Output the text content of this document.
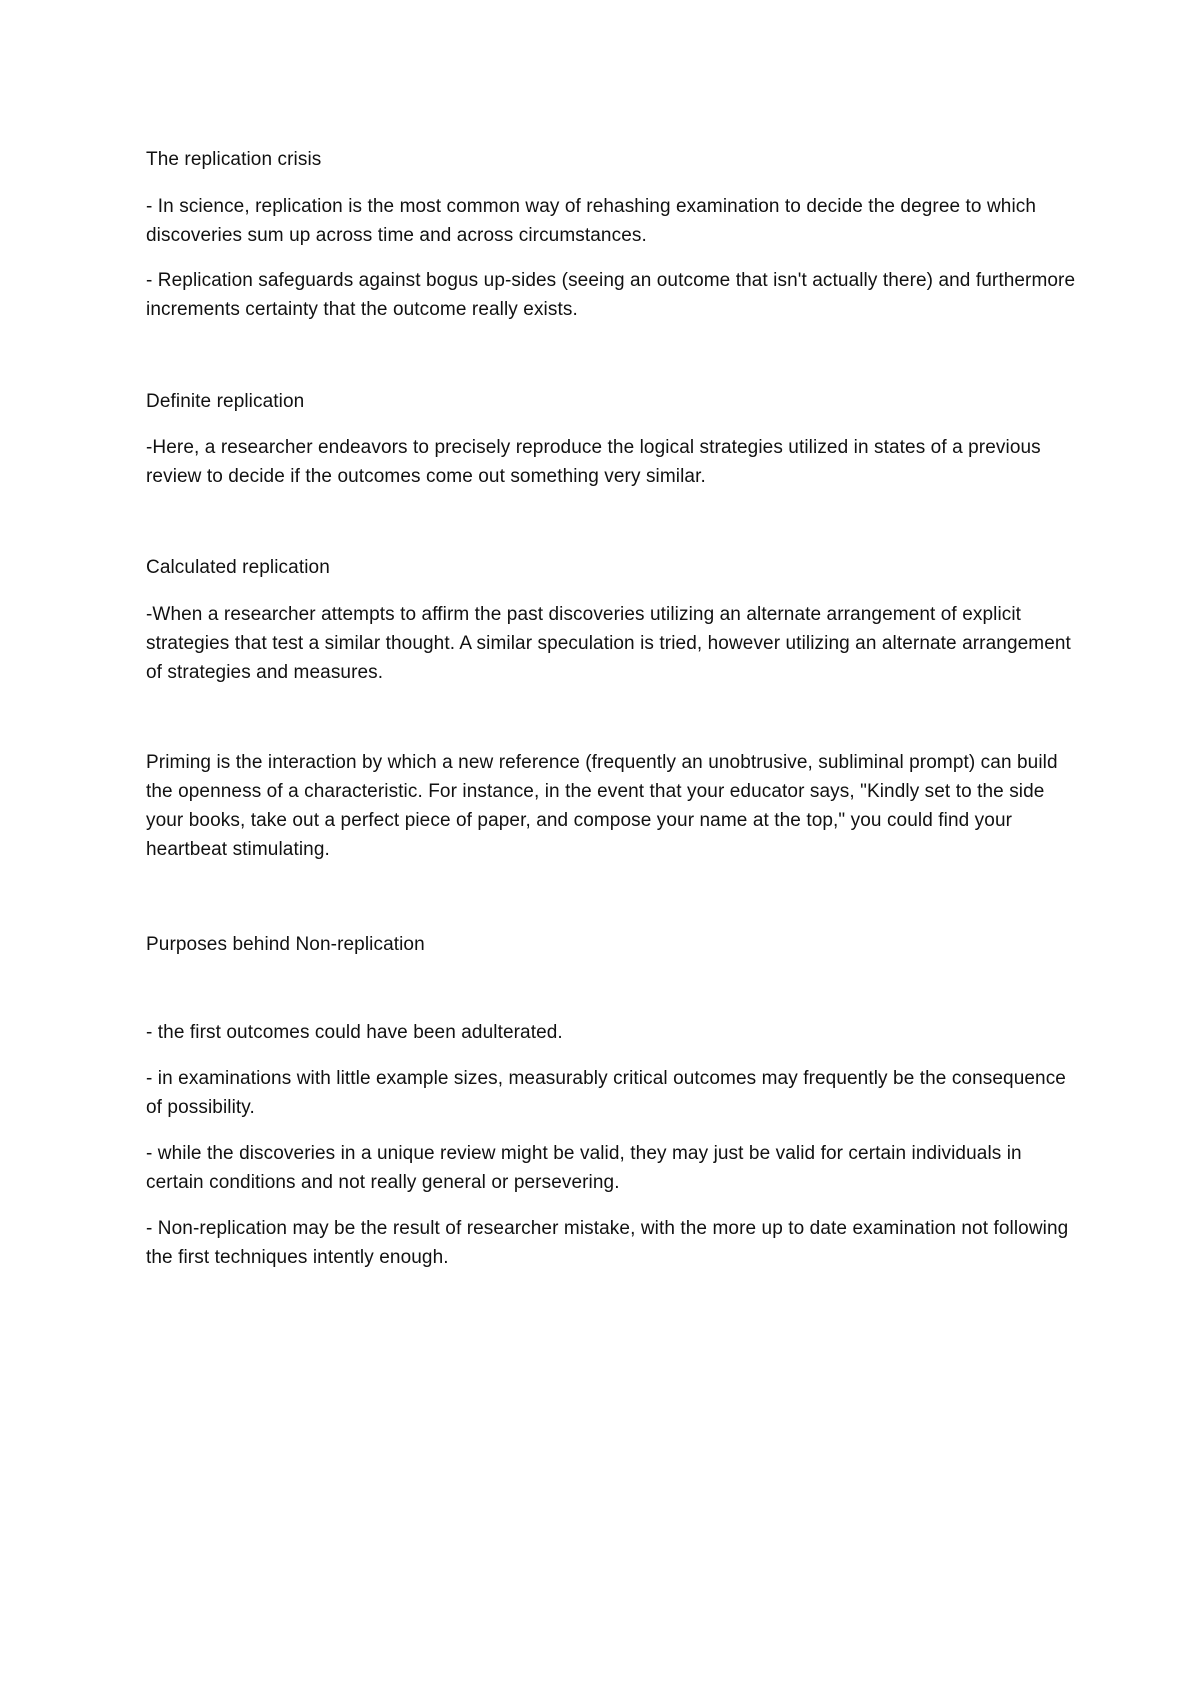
The replication crisis

- In science, replication is the most common way of rehashing examination to decide the degree to which discoveries sum up across time and across circumstances.

- Replication safeguards against bogus up-sides (seeing an outcome that isn't actually there) and furthermore increments certainty that the outcome really exists.

Definite replication

-Here, a researcher endeavors to precisely reproduce the logical strategies utilized in states of a previous review to decide if the outcomes come out something very similar.

Calculated replication

-When a researcher attempts to affirm the past discoveries utilizing an alternate arrangement of explicit strategies that test a similar thought. A similar speculation is tried, however utilizing an alternate arrangement of strategies and measures.

Priming is the interaction by which a new reference (frequently an unobtrusive, subliminal prompt) can build the openness of a characteristic. For instance, in the event that your educator says, "Kindly set to the side your books, take out a perfect piece of paper, and compose your name at the top," you could find your heartbeat stimulating.

Purposes behind Non-replication

- the first outcomes could have been adulterated.

- in examinations with little example sizes, measurably critical outcomes may frequently be the consequence of possibility.

- while the discoveries in a unique review might be valid, they may just be valid for certain individuals in certain conditions and not really general or persevering.

- Non-replication may be the result of researcher mistake, with the more up to date examination not following the first techniques intently enough.
